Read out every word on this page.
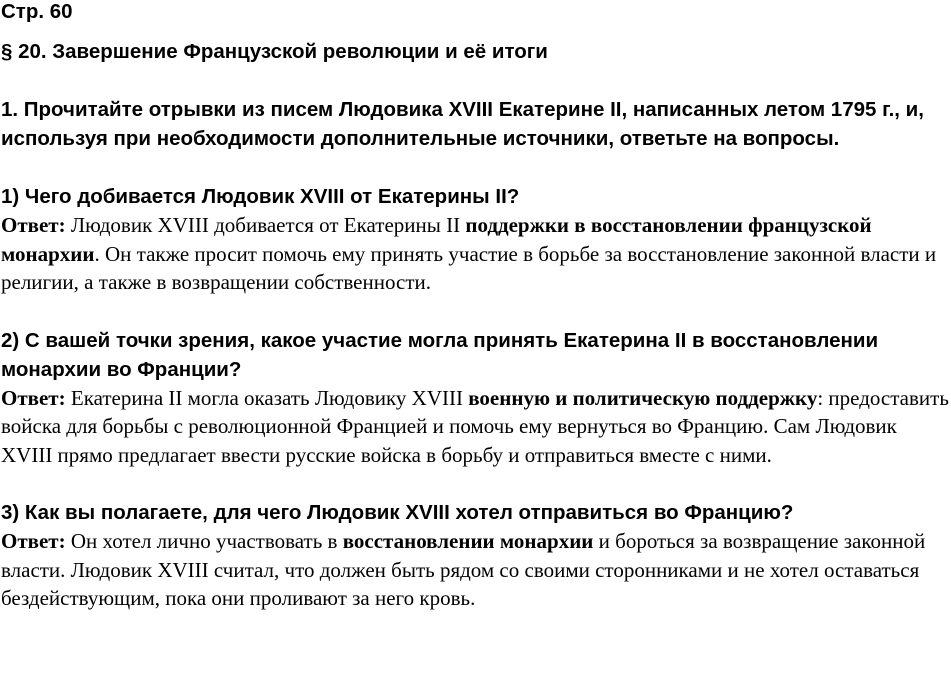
Стр. 60

§ 20. Завершение Французской революции и её итоги

1. Прочитайте отрывки из писем Людовика XVIII Екатерине II, написанных летом 1795 г., и, используя при необходимости дополнительные источники, ответьте на вопросы.

1) Чего добивается Людовик XVIII от Екатерины II?

Ответ: Людовик XVIII добивается от Екатерины II поддержки в восстановлении французской монархии. Он также просит помочь ему принять участие в борьбе за восстановление законной власти и религии, а также в возвращении собственности.

2) С вашей точки зрения, какое участие могла принять Екатерина II в восстановлении монархии во Франции?

Ответ: Екатерина II могла оказать Людовику XVIII военную и политическую поддержку: предоставить войска для борьбы с революционной Францией и помочь ему вернуться во Францию. Сам Людовик XVIII прямо предлагает ввести русские войска в борьбу и отправиться вместе с ними.

3) Как вы полагаете, для чего Людовик XVIII хотел отправиться во Францию?

Ответ: Он хотел лично участвовать в восстановлении монархии и бороться за возвращение законной власти. Людовик XVIII считал, что должен быть рядом со своими сторонниками и не хотел оставаться бездействующим, пока они проливают за него кровь.
